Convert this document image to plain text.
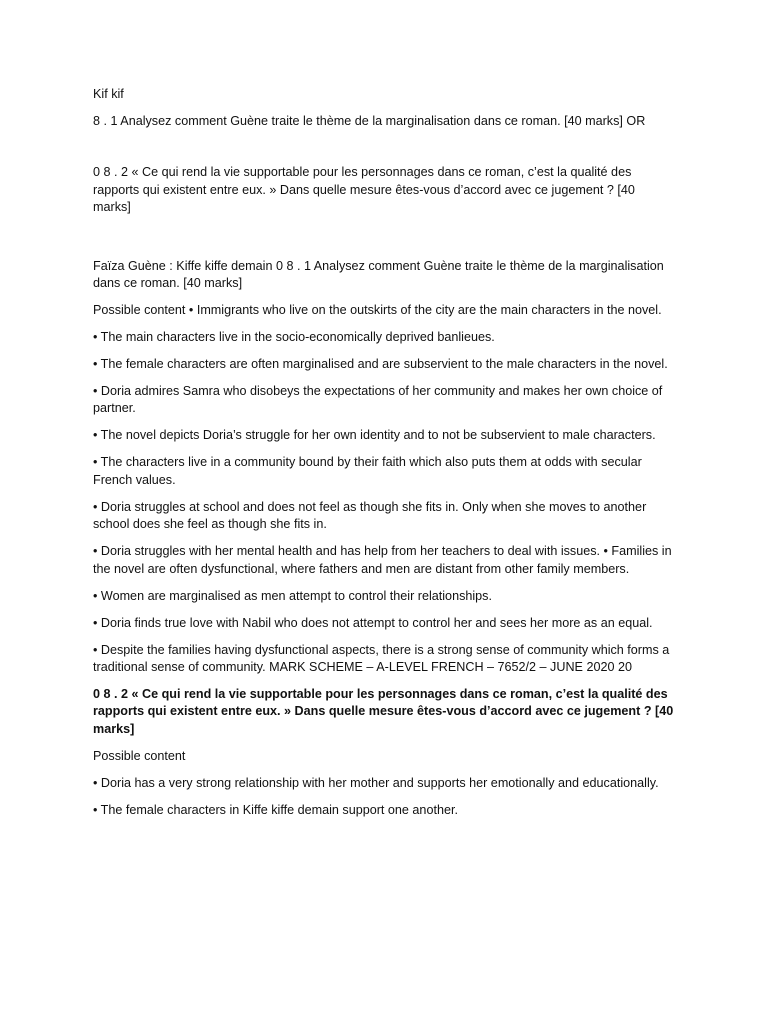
Kif kif

8 . 1 Analysez comment Guène traite le thème de la marginalisation dans ce roman. [40 marks] OR

0 8 . 2 « Ce qui rend la vie supportable pour les personnages dans ce roman, c’est la qualité des rapports qui existent entre eux. » Dans quelle mesure êtes-vous d’accord avec ce jugement ? [40 marks]

Faïza Guène : Kiffe kiffe demain 0 8 . 1 Analysez comment Guène traite le thème de la marginalisation dans ce roman. [40 marks]

Possible content • Immigrants who live on the outskirts of the city are the main characters in the novel.

• The main characters live in the socio-economically deprived banlieues.

• The female characters are often marginalised and are subservient to the male characters in the novel.

• Doria admires Samra who disobeys the expectations of her community and makes her own choice of partner.

• The novel depicts Doria’s struggle for her own identity and to not be subservient to male characters.

• The characters live in a community bound by their faith which also puts them at odds with secular French values.

• Doria struggles at school and does not feel as though she fits in. Only when she moves to another school does she feel as though she fits in.

• Doria struggles with her mental health and has help from her teachers to deal with issues. • Families in the novel are often dysfunctional, where fathers and men are distant from other family members.

• Women are marginalised as men attempt to control their relationships.

• Doria finds true love with Nabil who does not attempt to control her and sees her more as an equal.

• Despite the families having dysfunctional aspects, there is a strong sense of community which forms a traditional sense of community. MARK SCHEME – A-LEVEL FRENCH – 7652/2 – JUNE 2020 20

0 8 . 2 « Ce qui rend la vie supportable pour les personnages dans ce roman, c’est la qualité des rapports qui existent entre eux. » Dans quelle mesure êtes-vous d’accord avec ce jugement ? [40 marks]

Possible content

• Doria has a very strong relationship with her mother and supports her emotionally and educationally.

• The female characters in Kiffe kiffe demain support one another.
